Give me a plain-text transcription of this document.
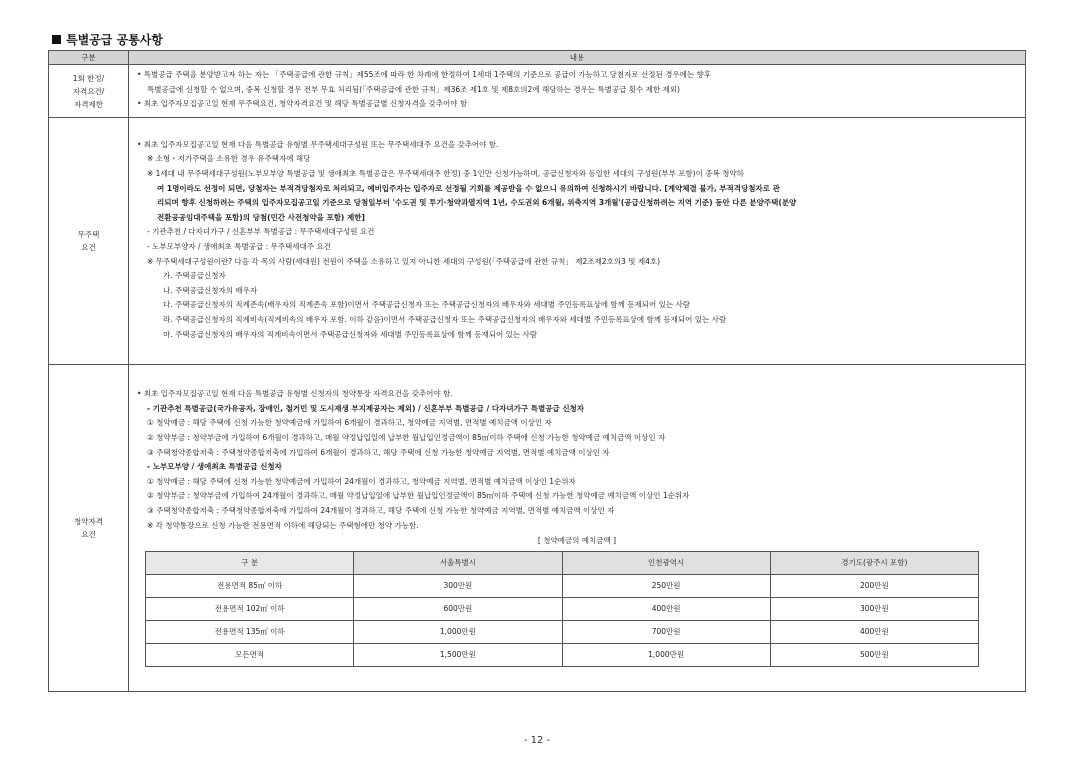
특별공급 공통사항
구분	내용

1회 한정/
자격요건/
자격제한

• 특별공급 주택을 분양받고자 하는 자는 「주택공급에 관한 규칙」제55조에 따라 한 차례에 한정하여 1세대 1주택의 기준으로 공급이 가능하고 당첨자로 선정된 경우에는 향후
특별공급에 신청할 수 없으며, 중복 신청할 경우 전부 무효 처리됨(「주택공급에 관한 규칙」제36조 제1호 및 제8호의2에 해당하는 경우는 특별공급 횟수 제한 제외)
• 최초 입주자모집공고일 현재 무주택요건, 청약자격요건 및 해당 특별공급별 신청자격을 갖추어야 함

무주택
요건

• 최초 입주자모집공고일 현재 다음 특별공급 유형별 무주택세대구성원 또는 무주택세대주 요건을 갖추어야 함.
※ 소형・저가주택을 소유한 경우 유주택자에 해당
※ 1세대 내 무주택세대구성원(노부모부양 특별공급 및 생애최초 특별공급은 무주택세대주 한정) 중 1인만 신청가능하며, 공급신청자와 동일한 세대의 구성원(부부 포함)이 중복 청약하
여 1명이라도 선정이 되면, 당첨자는 부적격당첨자로 처리되고, 예비입주자는 입주자로 선정될 기회를 제공받을 수 없으니 유의하여 신청하시기 바랍니다. [계약체결 불가, 부적격당첨자로 관
리되며 향후 신청하려는 주택의 입주자모집공고일 기준으로 당첨일부터 '수도권 및 투기·청약과열지역 1년, 수도권외 6개월, 위축지역 3개월'(공급신청하려는 지역 기준) 동안 다른 분양주택(분양
전환공공임대주택을 포함)의 당첨(민간 사전청약을 포함) 제한]
- 기관추천 / 다자녀가구 / 신혼부부 특별공급 : 무주택세대구성원 요건
- 노부모부양자 / 생애최초 특별공급 : 무주택세대주 요건
※ 무주택세대구성원이란? 다음 각 목의 사람(세대원) 전원이 주택을 소유하고 있지 아니한 세대의 구성원(「주택공급에 관한 규칙」 제2조제2호의3 및 제4호)
가. 주택공급신청자
나. 주택공급신청자의 배우자
다. 주택공급신청자의 직계존속(배우자의 직계존속 포함)이면서 주택공급신청자 또는 주택공급신청자의 배우자와 세대별 주민등록표상에 함께 등재되어 있는 사람
라. 주택공급신청자의 직계비속(직계비속의 배우자 포함. 이하 같음)이면서 주택공급신청자 또는 주택공급신청자의 배우자와 세대별 주민등록표상에 함께 등재되어 있는 사람
마. 주택공급신청자의 배우자의 직계비속이면서 주택공급신청자와 세대별 주민등록표상에 함께 등재되어 있는 사람

청약자격
요건

• 최초 입주자모집공고일 현재 다음 특별공급 유형별 신청자의 청약통장 자격요건을 갖추어야 함.
- 기관추천 특별공급(국가유공자, 장애인, 철거민 및 도시재생 부지제공자는 제외) / 신혼부부 특별공급 / 다자녀가구 특별공급 신청자
① 청약예금 : 해당 주택에 신청 가능한 청약예금에 가입하여 6개월이 경과하고, 청약예금 지역별, 면적별 예치금액 이상인 자
② 청약부금 : 청약부금에 가입하여 6개월이 경과하고, 매월 약정납입일에 납부한 월납입인정금액이 85㎡이하 주택에 신청 가능한 청약예금 예치금액 이상인 자
③ 주택청약종합저축 : 주택청약종합저축에 가입하여 6개월이 경과하고, 해당 주택에 신청 가능한 청약예금 지역별, 면적별 예치금액 이상인 자
- 노부모부양 / 생애최초 특별공급 신청자
① 청약예금 : 해당 주택에 신청 가능한 청약예금에 가입하여 24개월이 경과하고, 청약예금 지역별, 면적별 예치금액 이상인 1순위자
② 청약부금 : 청약부금에 가입하여 24개월이 경과하고, 매월 약정납입일에 납부한 월납입인정금액이 85㎡이하 주택에 신청 가능한 청약예금 예치금액 이상인 1순위자
③ 주택청약종합저축 : 주택청약종합저축에 가입하여 24개월이 경과하고, 해당 주택에 신청 가능한 청약예금 지역별, 면적별 예치금액 이상인 자
※ 각 청약통장으로 신청 가능한 전용면적 이하에 해당되는 주택형에만 청약 가능함.
[ 청약예금의 예치금액 ]
구 분	서울특별시	인천광역시	경기도(광주시 포함)
전용면적 85㎡ 이하	300만원	250만원	200만원
전용면적 102㎡ 이하	600만원	400만원	300만원
전용면적 135㎡ 이하	1,000만원	700만원	400만원
모든면적	1,500만원	1,000만원	500만원
- 12 -
